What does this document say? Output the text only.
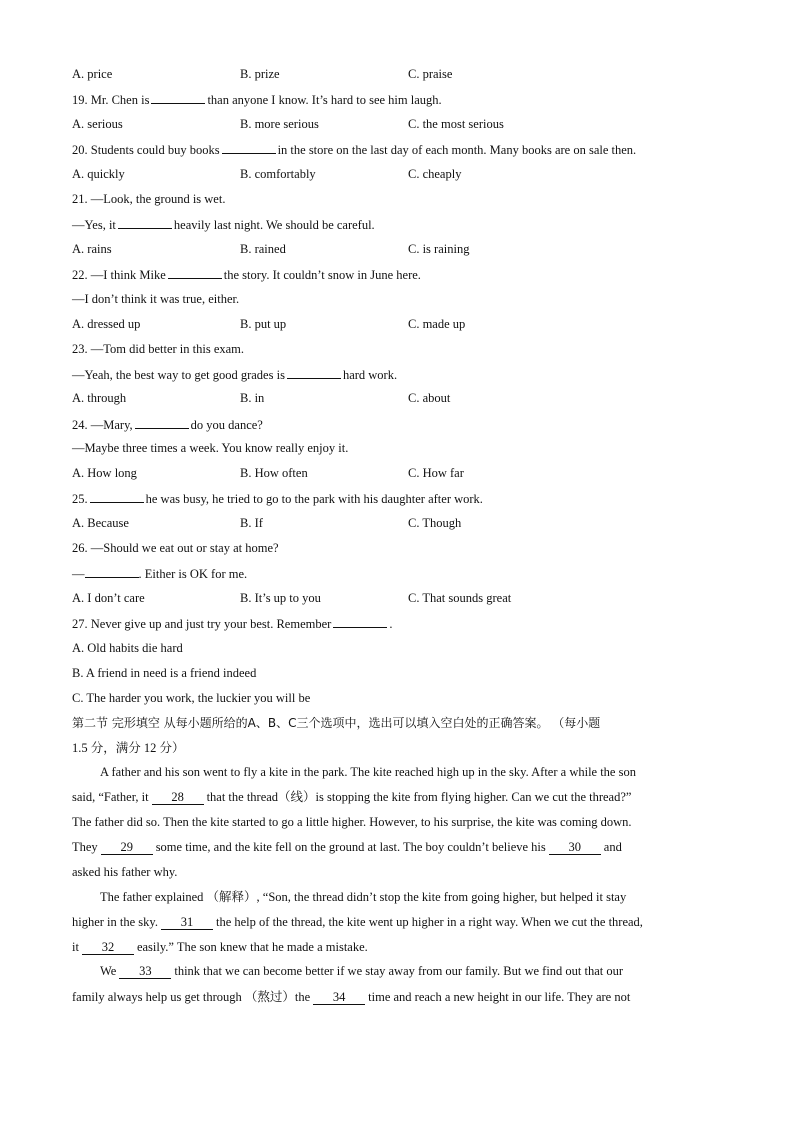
A. price	B. prize	C. praise
19. Mr. Chen is	than anyone I know. It’s hard to see him laugh.
A. serious	B. more serious	C. the most serious
20. Students could buy books	in the store on the last day of each month. Many books are on sale then.
A. quickly	B. comfortably	C. cheaply
21. —Look, the ground is wet.
—Yes, it	heavily last night. We should be careful.
A. rains	B. rained	C. is raining
22. —I think Mike	the story. It couldn’t snow in June here.
—I don’t think it was true, either.
A. dressed up	B. put up	C. made up
23. —Tom did better in this exam.
—Yeah, the best way to get good grades is	hard work.
A. through	B. in	C. about
24. —Mary,	do you dance?
—Maybe three times a week. You know really enjoy it.
A. How long	B. How often	C. How far
25.	he was busy, he tried to go to the park with his daughter after work.
A. Because	B. If	C. Though
26. —Should we eat out or stay at home?
—	. Either is OK for me.
A. I don’t care	B. It’s up to you	C. That sounds great
27. Never give up and just try your best. Remember	.
A. Old habits die hard
B. A friend in need is a friend indeed
C. The harder you work, the luckier you will be
第二节 完形填空 从每小题所给的A、B、C三个选项中，选出可以填入空白处的正确答案。 （每小题
1.5 分，满分 12 分）
A father and his son went to fly a kite in the park. The kite reached high up in the sky. After a while the son
said, “Father, it 28 that the thread（线）is stopping the kite from flying higher. Can we cut the thread?”
The father did so. Then the kite started to go a little higher. However, to his surprise, the kite was coming down.
They 29 some time, and the kite fell on the ground at last. The boy couldn’t believe his 30 and
asked his father why.
The father explained （解释）, “Son, the thread didn’t stop the kite from going higher, but helped it stay
higher in the sky. 31 the help of the thread, the kite went up higher in a right way. When we cut the thread,
it 32 easily.” The son knew that he made a mistake.
We 33 think that we can become better if we stay away from our family. But we find out that our
family always help us get through （熬过）the 34 time and reach a new height in our life. They are not
